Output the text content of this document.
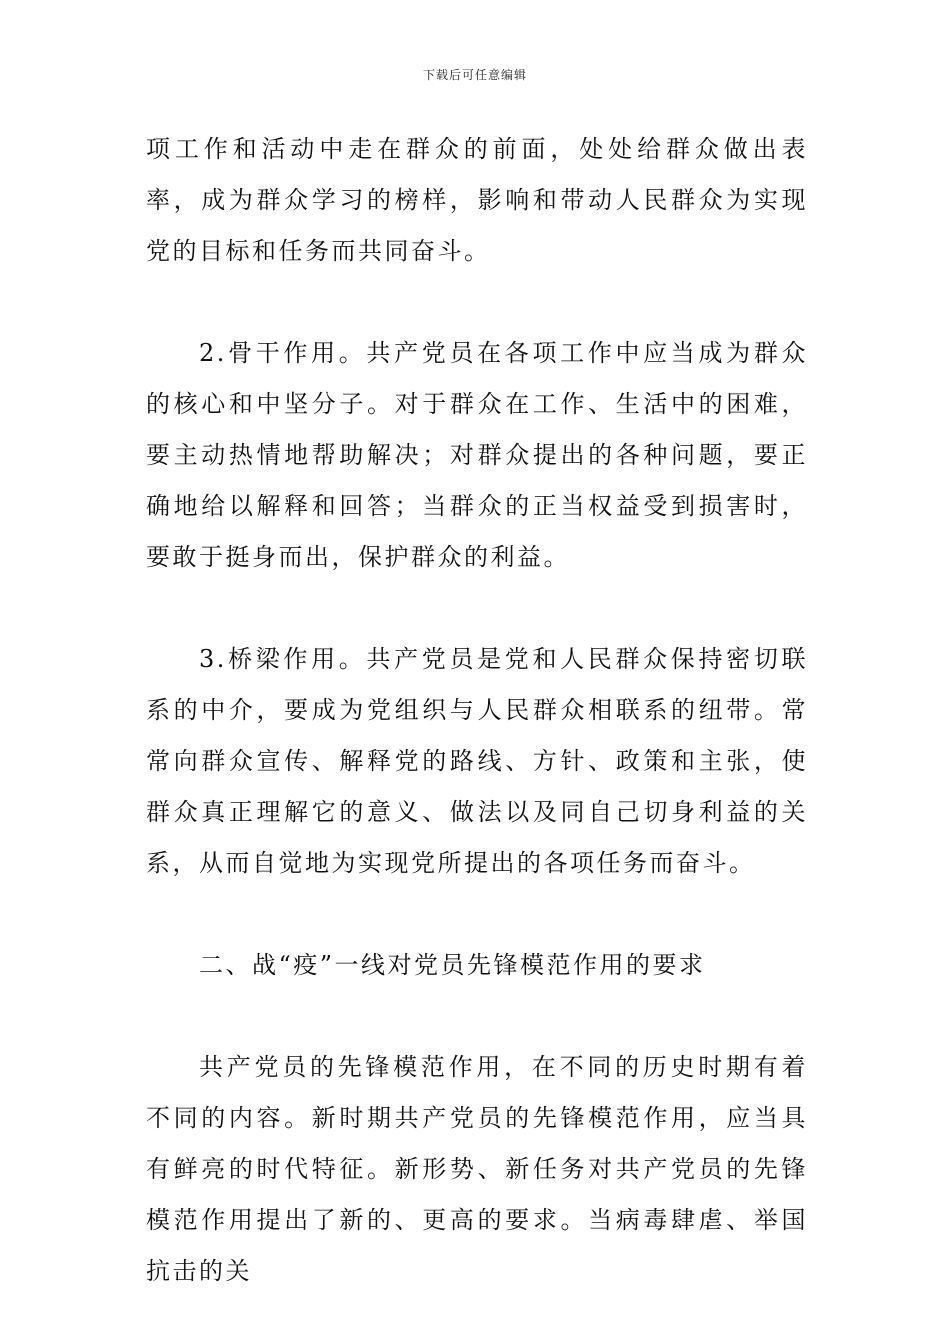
下载后可任意编辑

项工作和活动中走在群众的前面，处处给群众做出表率，成为群众学习的榜样，影响和带动人民群众为实现党的目标和任务而共同奋斗。

2.骨干作用。共产党员在各项工作中应当成为群众的核心和中坚分子。对于群众在工作、生活中的困难，要主动热情地帮助解决；对群众提出的各种问题，要正确地给以解释和回答；当群众的正当权益受到损害时，要敢于挺身而出，保护群众的利益。

3.桥梁作用。共产党员是党和人民群众保持密切联系的中介，要成为党组织与人民群众相联系的纽带。常常向群众宣传、解释党的路线、方针、政策和主张，使群众真正理解它的意义、做法以及同自己切身利益的关系，从而自觉地为实现党所提出的各项任务而奋斗。

二、战“疫”一线对党员先锋模范作用的要求

共产党员的先锋模范作用，在不同的历史时期有着不同的内容。新时期共产党员的先锋模范作用，应当具有鲜亮的时代特征。新形势、新任务对共产党员的先锋模范作用提出了新的、更高的要求。当病毒肆虐、举国抗击的关
